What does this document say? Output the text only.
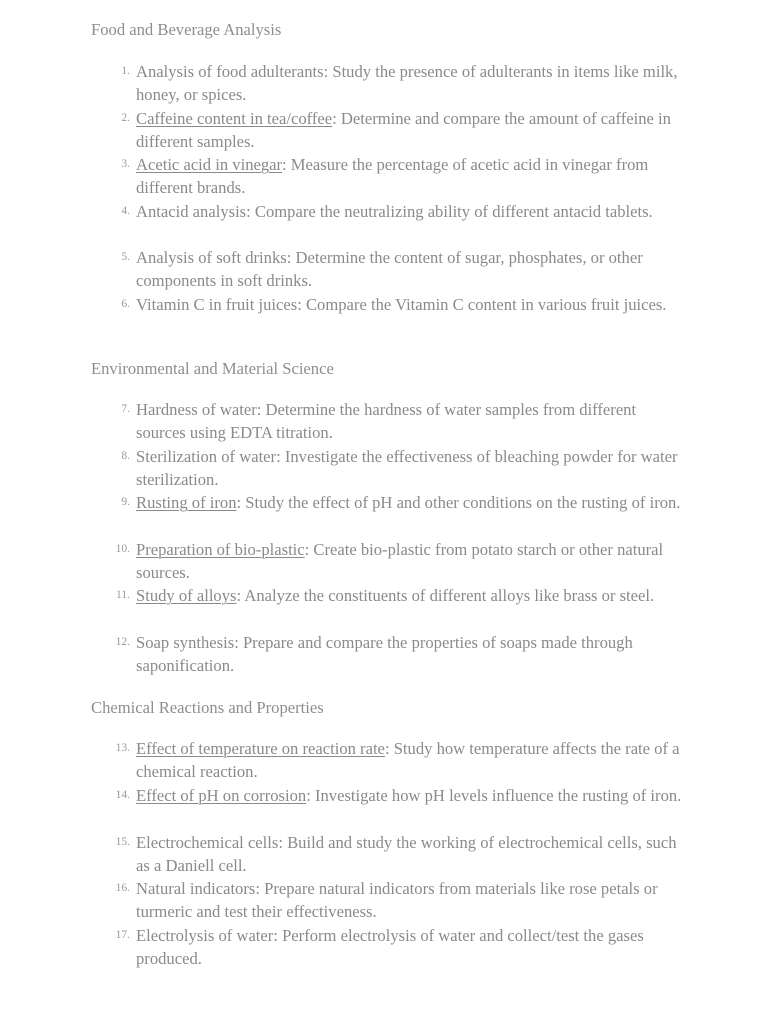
Food and Beverage Analysis
1. Analysis of food adulterants: Study the presence of adulterants in items like milk, honey, or spices.
2. Caffeine content in tea/coffee: Determine and compare the amount of caffeine in different samples.
3. Acetic acid in vinegar: Measure the percentage of acetic acid in vinegar from different brands.
4. Antacid analysis: Compare the neutralizing ability of different antacid tablets.
5. Analysis of soft drinks: Determine the content of sugar, phosphates, or other components in soft drinks.
6. Vitamin C in fruit juices: Compare the Vitamin C content in various fruit juices.
Environmental and Material Science
7. Hardness of water: Determine the hardness of water samples from different sources using EDTA titration.
8. Sterilization of water: Investigate the effectiveness of bleaching powder for water sterilization.
9. Rusting of iron: Study the effect of pH and other conditions on the rusting of iron.
10. Preparation of bio-plastic: Create bio-plastic from potato starch or other natural sources.
11. Study of alloys: Analyze the constituents of different alloys like brass or steel.
12. Soap synthesis: Prepare and compare the properties of soaps made through saponification.
Chemical Reactions and Properties
13. Effect of temperature on reaction rate: Study how temperature affects the rate of a chemical reaction.
14. Effect of pH on corrosion: Investigate how pH levels influence the rusting of iron.
15. Electrochemical cells: Build and study the working of electrochemical cells, such as a Daniell cell.
16. Natural indicators: Prepare natural indicators from materials like rose petals or turmeric and test their effectiveness.
17. Electrolysis of water: Perform electrolysis of water and collect/test the gases produced.
